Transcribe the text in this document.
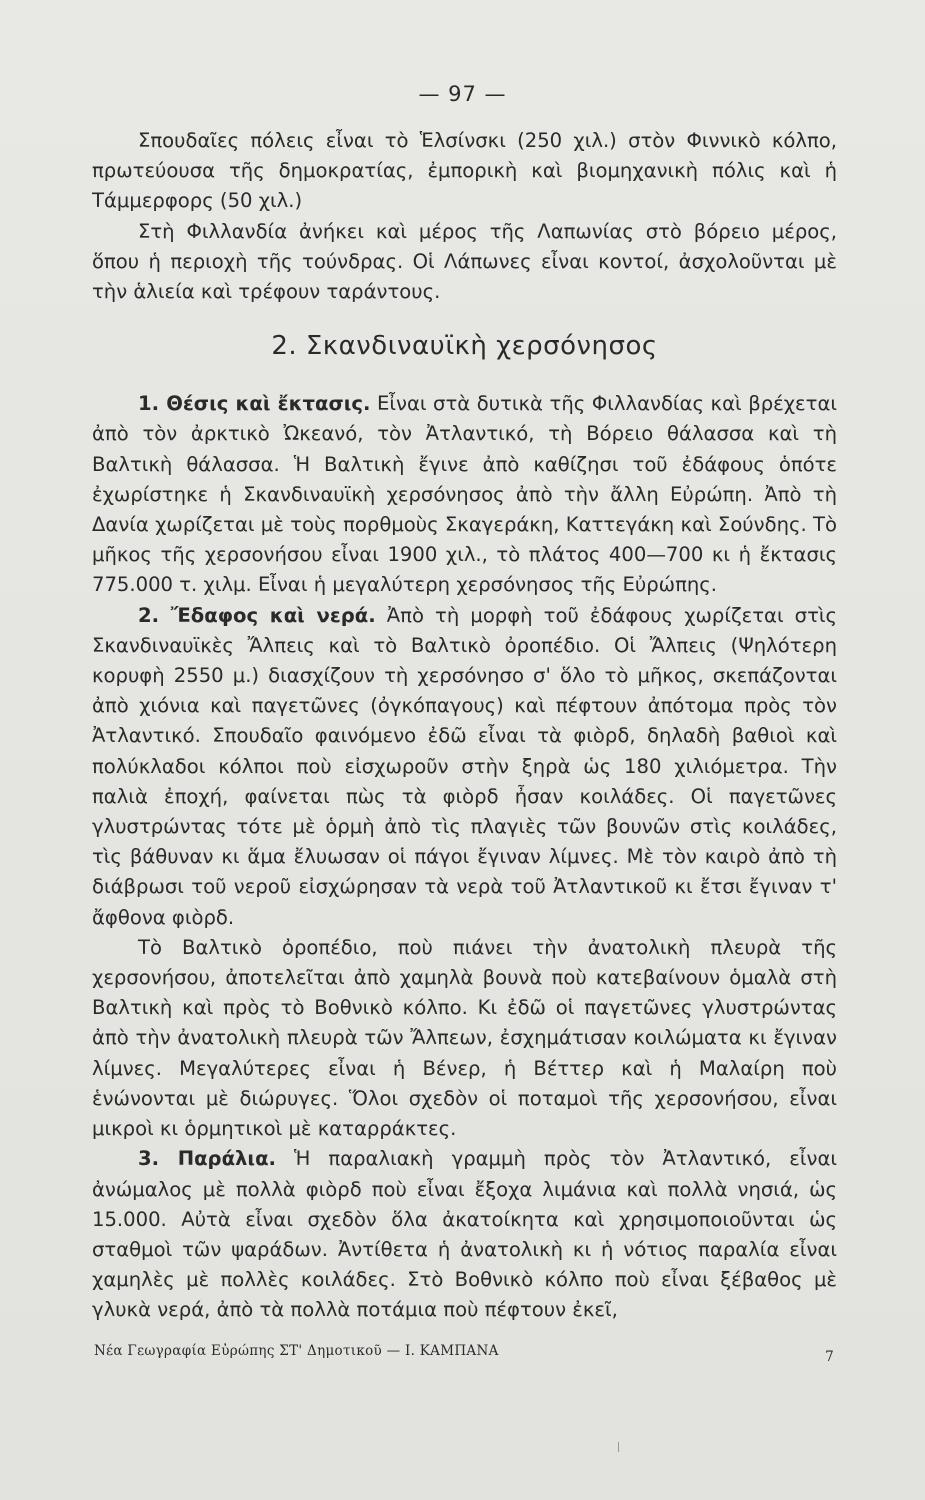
— 97 —

Σπουδαῖες πόλεις εἶναι τὸ Ἑλσίνσκι (250 χιλ.) στὸν Φιννικὸ κόλπο, πρωτεύουσα τῆς δημοκρατίας, ἐμπορικὴ καὶ βιομηχανικὴ πόλις καὶ ἡ Τάμμερφορς (50 χιλ.)

Στὴ Φιλλανδία ἀνήκει καὶ μέρος τῆς Λαπωνίας στὸ βόρειο μέρος, ὅπου ἡ περιοχὴ τῆς τούνδρας. Οἱ Λάπωνες εἶναι κοντοί, ἀσχολοῦνται μὲ τὴν ἁλιεία καὶ τρέφουν ταράντους.

2. Σκανδιναυϊκὴ χερσόνησος

1. Θέσις καὶ ἔκτασις. Εἶναι στὰ δυτικὰ τῆς Φιλλανδίας καὶ βρέχεται ἀπὸ τὸν ἀρκτικὸ Ὠκεανό, τὸν Ἀτλαντικό, τὴ Βόρειο θάλασσα καὶ τὴ Βαλτικὴ θάλασσα. Ἡ Βαλτικὴ ἔγινε ἀπὸ καθίζησι τοῦ ἐδάφους ὁπότε ἐχωρίστηκε ἡ Σκανδιναυϊκὴ χερσόνησος ἀπὸ τὴν ἄλλη Εὐρώπη. Ἀπὸ τὴ Δανία χωρίζεται μὲ τοὺς πορθμοὺς Σκαγεράκη, Καττεγάκη καὶ Σούνδης. Τὸ μῆκος τῆς χερσονήσου εἶναι 1900 χιλ., τὸ πλάτος 400—700 κι ἡ ἔκτασις 775.000 τ. χιλμ. Εἶναι ἡ μεγαλύτερη χερσόνησος τῆς Εὐρώπης.

2. Ἔδαφος καὶ νερά. Ἀπὸ τὴ μορφὴ τοῦ ἐδάφους χωρίζεται στὶς Σκανδιναυϊκὲς Ἄλπεις καὶ τὸ Βαλτικὸ ὀροπέδιο. Οἱ Ἄλπεις (Ψηλότερη κορυφὴ 2550 μ.) διασχίζουν τὴ χερσόνησο σ' ὅλο τὸ μῆκος, σκεπάζονται ἀπὸ χιόνια καὶ παγετῶνες (ὀγκόπαγους) καὶ πέφτουν ἀπότομα πρὸς τὸν Ἀτλαντικό. Σπουδαῖο φαινόμενο ἐδῶ εἶναι τὰ φιὸρδ, δηλαδὴ βαθιοὶ καὶ πολύκλαδοι κόλποι ποὺ εἰσχωροῦν στὴν ξηρὰ ὡς 180 χιλιόμετρα. Τὴν παλιὰ ἐποχή, φαίνεται πὼς τὰ φιὸρδ ἦσαν κοιλάδες. Οἱ παγετῶνες γλυστρώντας τότε μὲ ὁρμὴ ἀπὸ τὶς πλαγιὲς τῶν βουνῶν στὶς κοιλάδες, τὶς βάθυναν κι ἅμα ἔλυωσαν οἱ πάγοι ἔγιναν λίμνες. Μὲ τὸν καιρὸ ἀπὸ τὴ διάβρωσι τοῦ νεροῦ εἰσχώρησαν τὰ νερὰ τοῦ Ἀτλαντικοῦ κι ἔτσι ἔγιναν τ' ἄφθονα φιὸρδ.

Τὸ Βαλτικὸ ὀροπέδιο, ποὺ πιάνει τὴν ἀνατολικὴ πλευρὰ τῆς χερσονήσου, ἀποτελεῖται ἀπὸ χαμηλὰ βουνὰ ποὺ κατεβαίνουν ὁμαλὰ στὴ Βαλτικὴ καὶ πρὸς τὸ Βοθνικὸ κόλπο. Κι ἐδῶ οἱ παγετῶνες γλυστρώντας ἀπὸ τὴν ἀνατολικὴ πλευρὰ τῶν Ἄλπεων, ἐσχημάτισαν κοιλώματα κι ἔγιναν λίμνες. Μεγαλύτερες εἶναι ἡ Βένερ, ἡ Βέττερ καὶ ἡ Μαλαίρη ποὺ ἑνώνονται μὲ διώρυγες. Ὅλοι σχεδὸν οἱ ποταμοὶ τῆς χερσονήσου, εἶναι μικροὶ κι ὁρμητικοὶ μὲ καταρράκτες.

3. Παράλια. Ἡ παραλιακὴ γραμμὴ πρὸς τὸν Ἀτλαντικό, εἶναι ἀνώμαλος μὲ πολλὰ φιὸρδ ποὺ εἶναι ἔξοχα λιμάνια καὶ πολλὰ νησιά, ὡς 15.000. Αὐτὰ εἶναι σχεδὸν ὅλα ἀκατοίκητα καὶ χρησιμοποιοῦνται ὡς σταθμοὶ τῶν ψαράδων. Ἀντίθετα ἡ ἀνατολικὴ κι ἡ νότιος παραλία εἶναι χαμηλὲς μὲ πολλὲς κοιλάδες. Στὸ Βοθνικὸ κόλπο ποὺ εἶναι ξέβαθος μὲ γλυκὰ νερά, ἀπὸ τὰ πολλὰ ποτάμια ποὺ πέφτουν ἐκεῖ,

Νέα Γεωγραφία Εὐρώπης ΣΤ' Δημοτικοῦ — Ι. ΚΑΜΠΑΝΑ	7
